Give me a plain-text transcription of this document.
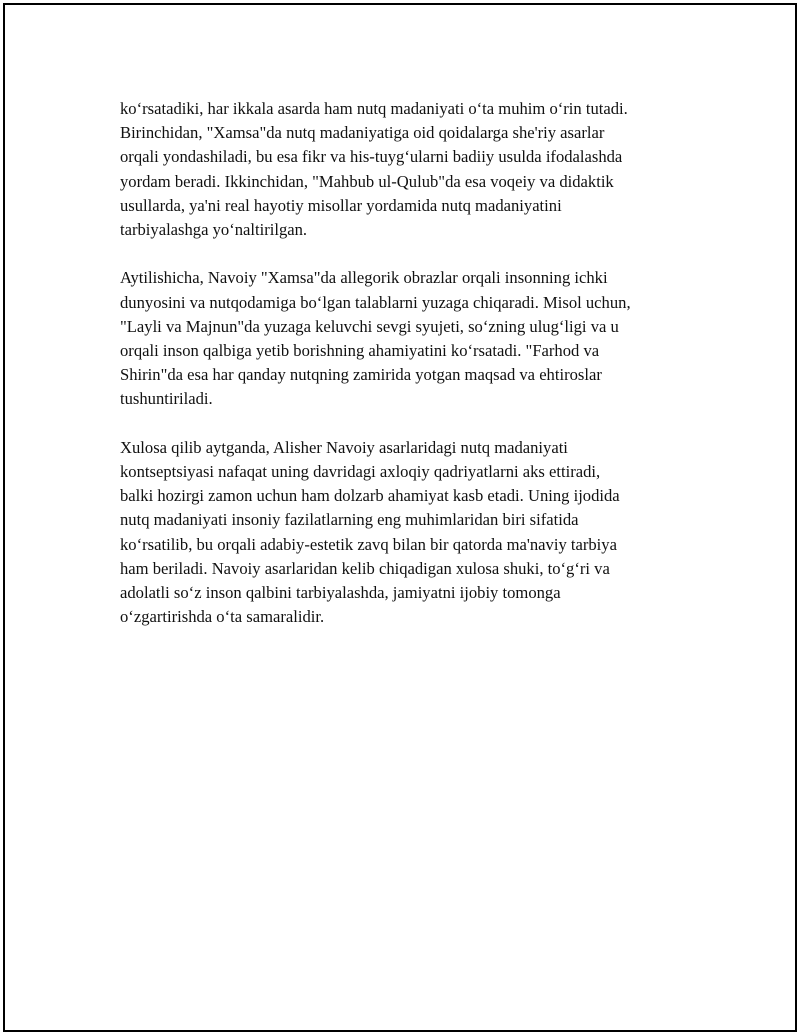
ko‘rsatadiki, har ikkala asarda ham nutq madaniyati o‘ta muhim o‘rin tutadi.
Birinchidan, "Xamsa"da nutq madaniyatiga oid qoidalarga she'riy asarlar
orqali yondashiladi, bu esa fikr va his-tuyg‘ularni badiiy usulda ifodalashda
yordam beradi. Ikkinchidan, "Mahbub ul-Qulub"da esa voqeiy va didaktik
usullarda, ya'ni real hayotiy misollar yordamida nutq madaniyatini
tarbiyalashga yo‘naltirilgan.

Aytilishicha, Navoiy "Xamsa"da allegorik obrazlar orqali insonning ichki
dunyosini va nutqodamiga bo‘lgan talablarni yuzaga chiqaradi. Misol uchun,
"Layli va Majnun"da yuzaga keluvchi sevgi syujeti, so‘zning ulug‘ligi va u
orqali inson qalbiga yetib borishning ahamiyatini ko‘rsatadi. "Farhod va
Shirin"da esa har qanday nutqning zamirida yotgan maqsad va ehtiroslar
tushuntiriladi.

Xulosa qilib aytganda, Alisher Navoiy asarlaridagi nutq madaniyati
kontseptsiyasi nafaqat uning davridagi axloqiy qadriyatlarni aks ettiradi,
balki hozirgi zamon uchun ham dolzarb ahamiyat kasb etadi. Uning ijodida
nutq madaniyati insoniy fazilatlarning eng muhimlaridan biri sifatida
ko‘rsatilib, bu orqali adabiy-estetik zavq bilan bir qatorda ma'naviy tarbiya
ham beriladi. Navoiy asarlaridan kelib chiqadigan xulosa shuki, to‘g‘ri va
adolatli so‘z inson qalbini tarbiyalashda, jamiyatni ijobiy tomonga
o‘zgartirishda o‘ta samaralidir.
